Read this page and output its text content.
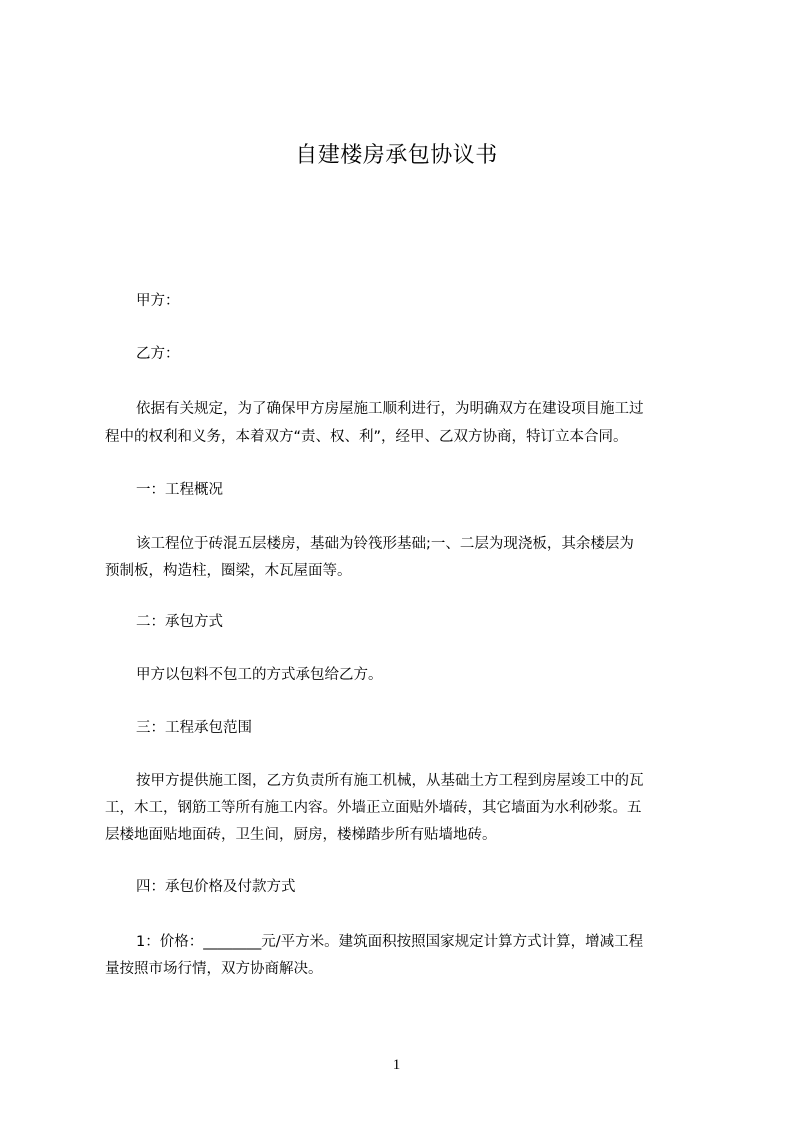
自建楼房承包协议书
甲方：
乙方：
依据有关规定，为了确保甲方房屋施工顺利进行，为明确双方在建设项目施工过
程中的权利和义务，本着双方“责、权、利”，经甲、乙双方协商，特订立本合同。
一：工程概况
该工程位于砖混五层楼房，基础为铃筏形基础;一、二层为现浇板，其余楼层为
预制板，构造柱，圈梁，木瓦屋面等。
二：承包方式
甲方以包料不包工的方式承包给乙方。
三：工程承包范围
按甲方提供施工图，乙方负责所有施工机械，从基础土方工程到房屋竣工中的瓦
工，木工，钢筋工等所有施工内容。外墙正立面贴外墙砖，其它墙面为水利砂浆。五
层楼地面贴地面砖，卫生间，厨房，楼梯踏步所有贴墙地砖。
四：承包价格及付款方式
1：价格：________元/平方米。建筑面积按照国家规定计算方式计算，增减工程
量按照市场行情，双方协商解决。
1
